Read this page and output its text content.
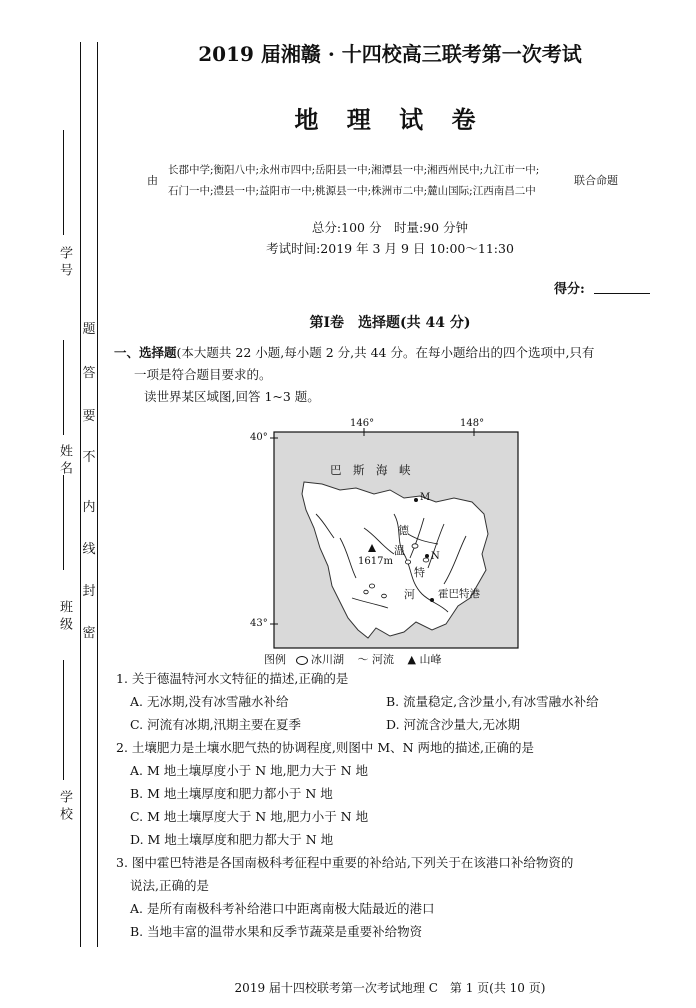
学 号
姓 名
班 级
学 校
密
封
线
内
不
要
答
题
2019 届湘赣 · 十四校高三联考第一次考试
地 理 试 卷
由
长郡中学;衡阳八中;永州市四中;岳阳县一中;湘潭县一中;湘西州民中;九江市一中;
石门一中;澧县一中;益阳市一中;桃源县一中;株洲市二中;麓山国际;江西南昌二中
联合命题
总分:100 分　时量:90 分钟
考试时间:2019 年 3 月 9 日 10:00～11:30
得分:
第Ⅰ卷　选择题(共 44 分)
一、选择题(本大题共 22 小题,每小题 2 分,共 44 分。在每小题给出的四个选项中,只有
一项是符合题目要求的。
读世界某区域图,回答 1~3 题。
146°	148°
40°
43°
巴　斯　海　峡
M
N
德
温
特
河
1617m
霍巴特港
图例 冰川湖 〜 河流 ▲ 山峰
1. 关于德温特河水文特征的描述,正确的是
A. 无冰期,没有冰雪融水补给	B. 流量稳定,含沙量小,有冰雪融水补给
C. 河流有冰期,汛期主要在夏季	D. 河流含沙量大,无冰期
2. 土壤肥力是土壤水肥气热的协调程度,则图中 M、N 两地的描述,正确的是
A. M 地土壤厚度小于 N 地,肥力大于 N 地
B. M 地土壤厚度和肥力都小于 N 地
C. M 地土壤厚度大于 N 地,肥力小于 N 地
D. M 地土壤厚度和肥力都大于 N 地
3. 图中霍巴特港是各国南极科考征程中重要的补给站,下列关于在该港口补给物资的
说法,正确的是
A. 是所有南极科考补给港口中距离南极大陆最近的港口
B. 当地丰富的温带水果和反季节蔬菜是重要补给物资
2019 届十四校联考第一次考试地理 C　第 1 页(共 10 页)
